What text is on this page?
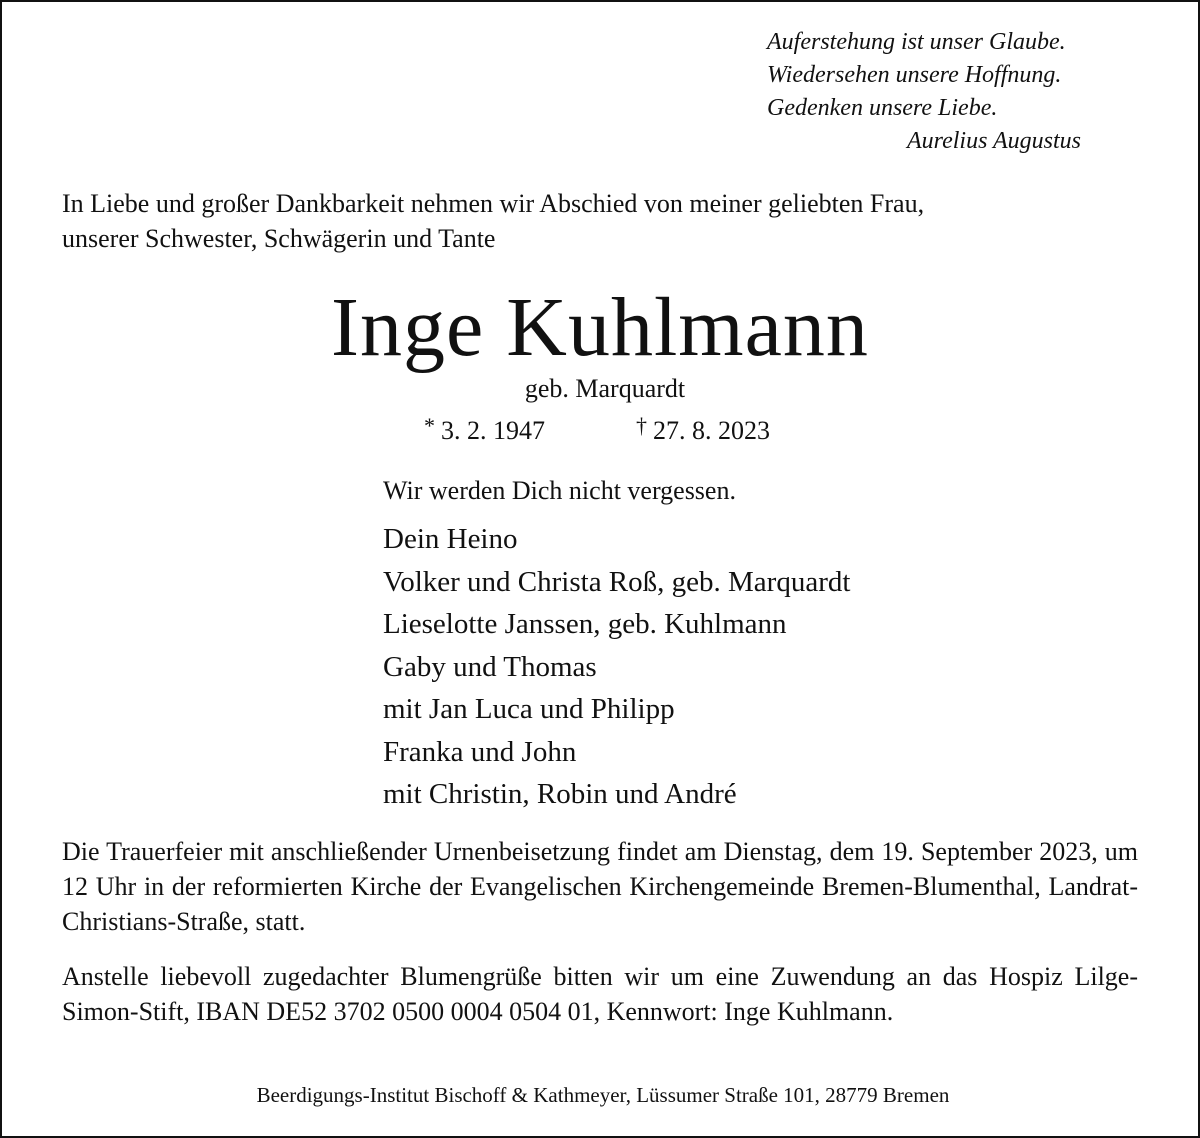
Auferstehung ist unser Glaube.
Wiedersehen unsere Hoffnung.
Gedenken unsere Liebe.
Aurelius Augustus
In Liebe und großer Dankbarkeit nehmen wir Abschied von meiner geliebten Frau,
unserer Schwester, Schwägerin und Tante
Inge Kuhlmann
geb. Marquardt
* 3. 2. 1947	† 27. 8. 2023
Wir werden Dich nicht vergessen.
Dein Heino
Volker und Christa Roß, geb. Marquardt
Lieselotte Janssen, geb. Kuhlmann
Gaby und Thomas
mit Jan Luca und Philipp
Franka und John
mit Christin, Robin und André
Die Trauerfeier mit anschließender Urnenbeisetzung findet am Dienstag, dem 19. September 2023, um 12 Uhr in der reformierten Kirche der Evangelischen Kirchengemeinde Bremen-Blumenthal, Landrat-Christians-Straße, statt.
Anstelle liebevoll zugedachter Blumengrüße bitten wir um eine Zuwendung an das Hospiz Lilge-Simon-Stift, IBAN DE52 3702 0500 0004 0504 01, Kennwort: Inge Kuhlmann.
Beerdigungs-Institut Bischoff & Kathmeyer, Lüssumer Straße 101, 28779 Bremen
